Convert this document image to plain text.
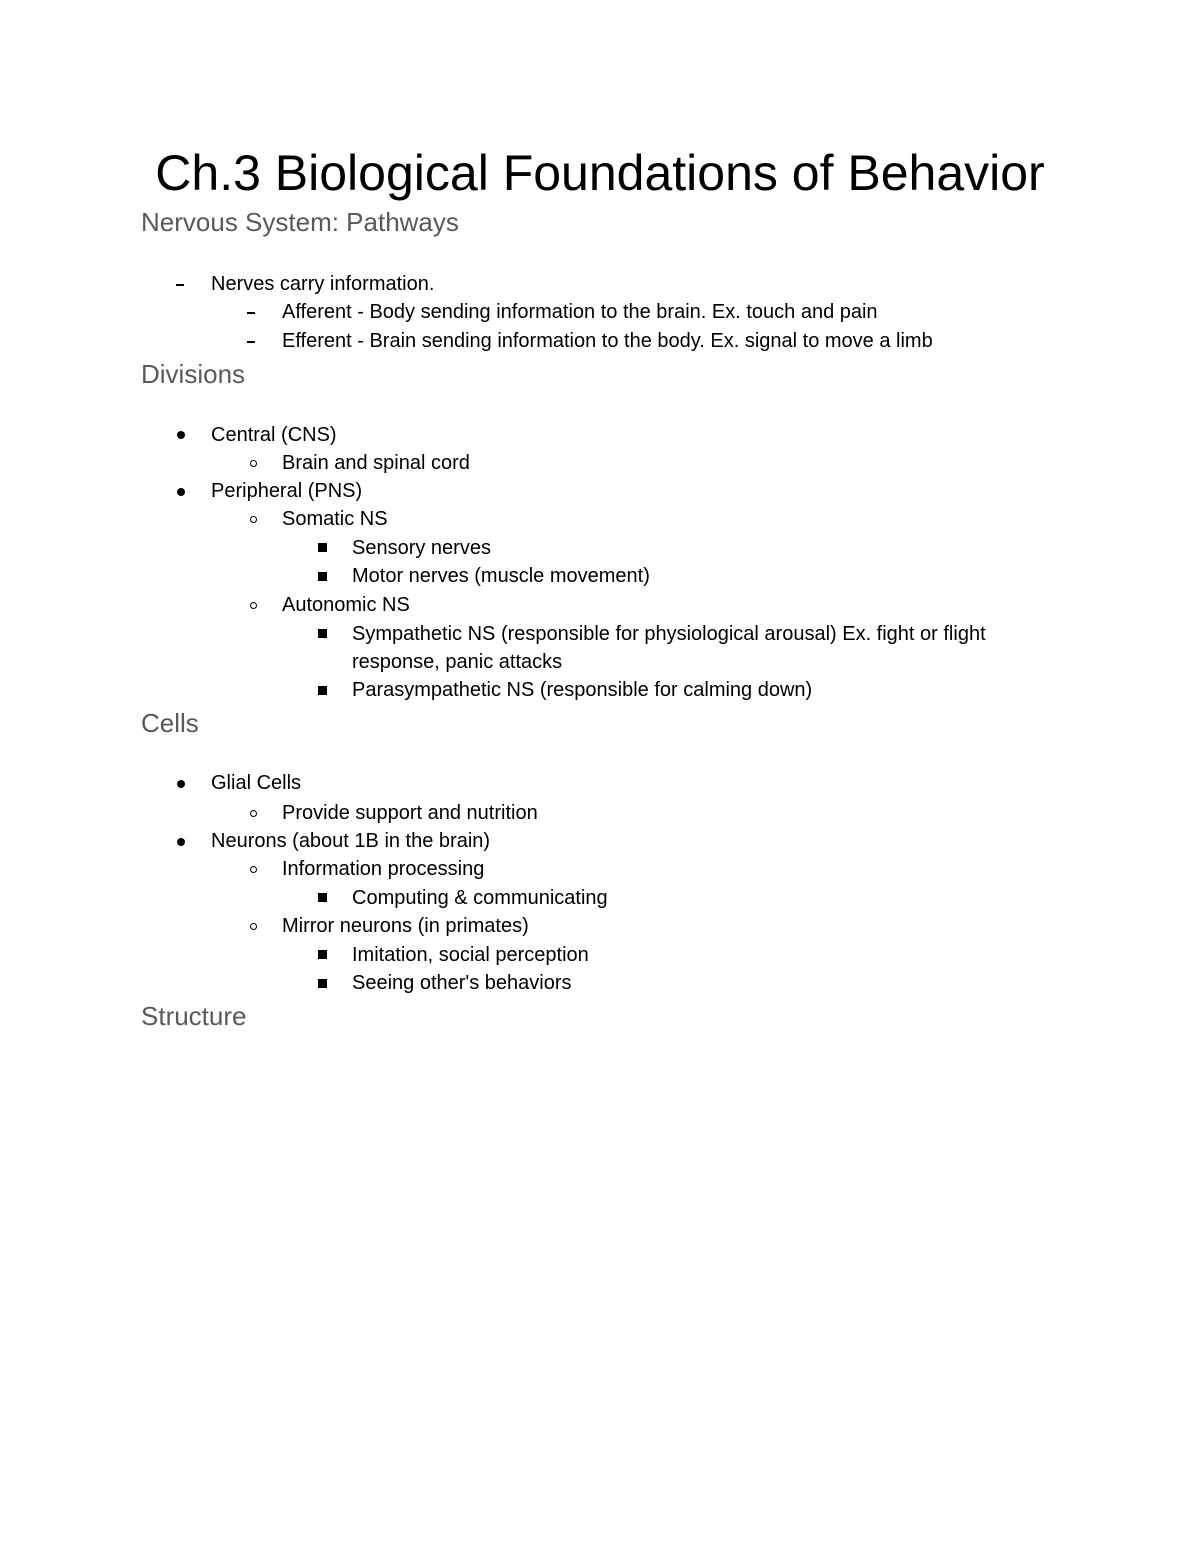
Ch.3 Biological Foundations of Behavior
Nervous System: Pathways
Nerves carry information.
Afferent - Body sending information to the brain. Ex. touch and pain
Efferent - Brain sending information to the body. Ex. signal to move a limb
Divisions
Central (CNS)
Brain and spinal cord
Peripheral (PNS)
Somatic NS
Sensory nerves
Motor nerves (muscle movement)
Autonomic NS
Sympathetic NS (responsible for physiological arousal) Ex. fight or flight
response, panic attacks
Parasympathetic NS (responsible for calming down)
Cells
Glial Cells
Provide support and nutrition
Neurons (about 1B in the brain)
Information processing
Computing & communicating
Mirror neurons (in primates)
Imitation, social perception
Seeing other's behaviors
Structure
